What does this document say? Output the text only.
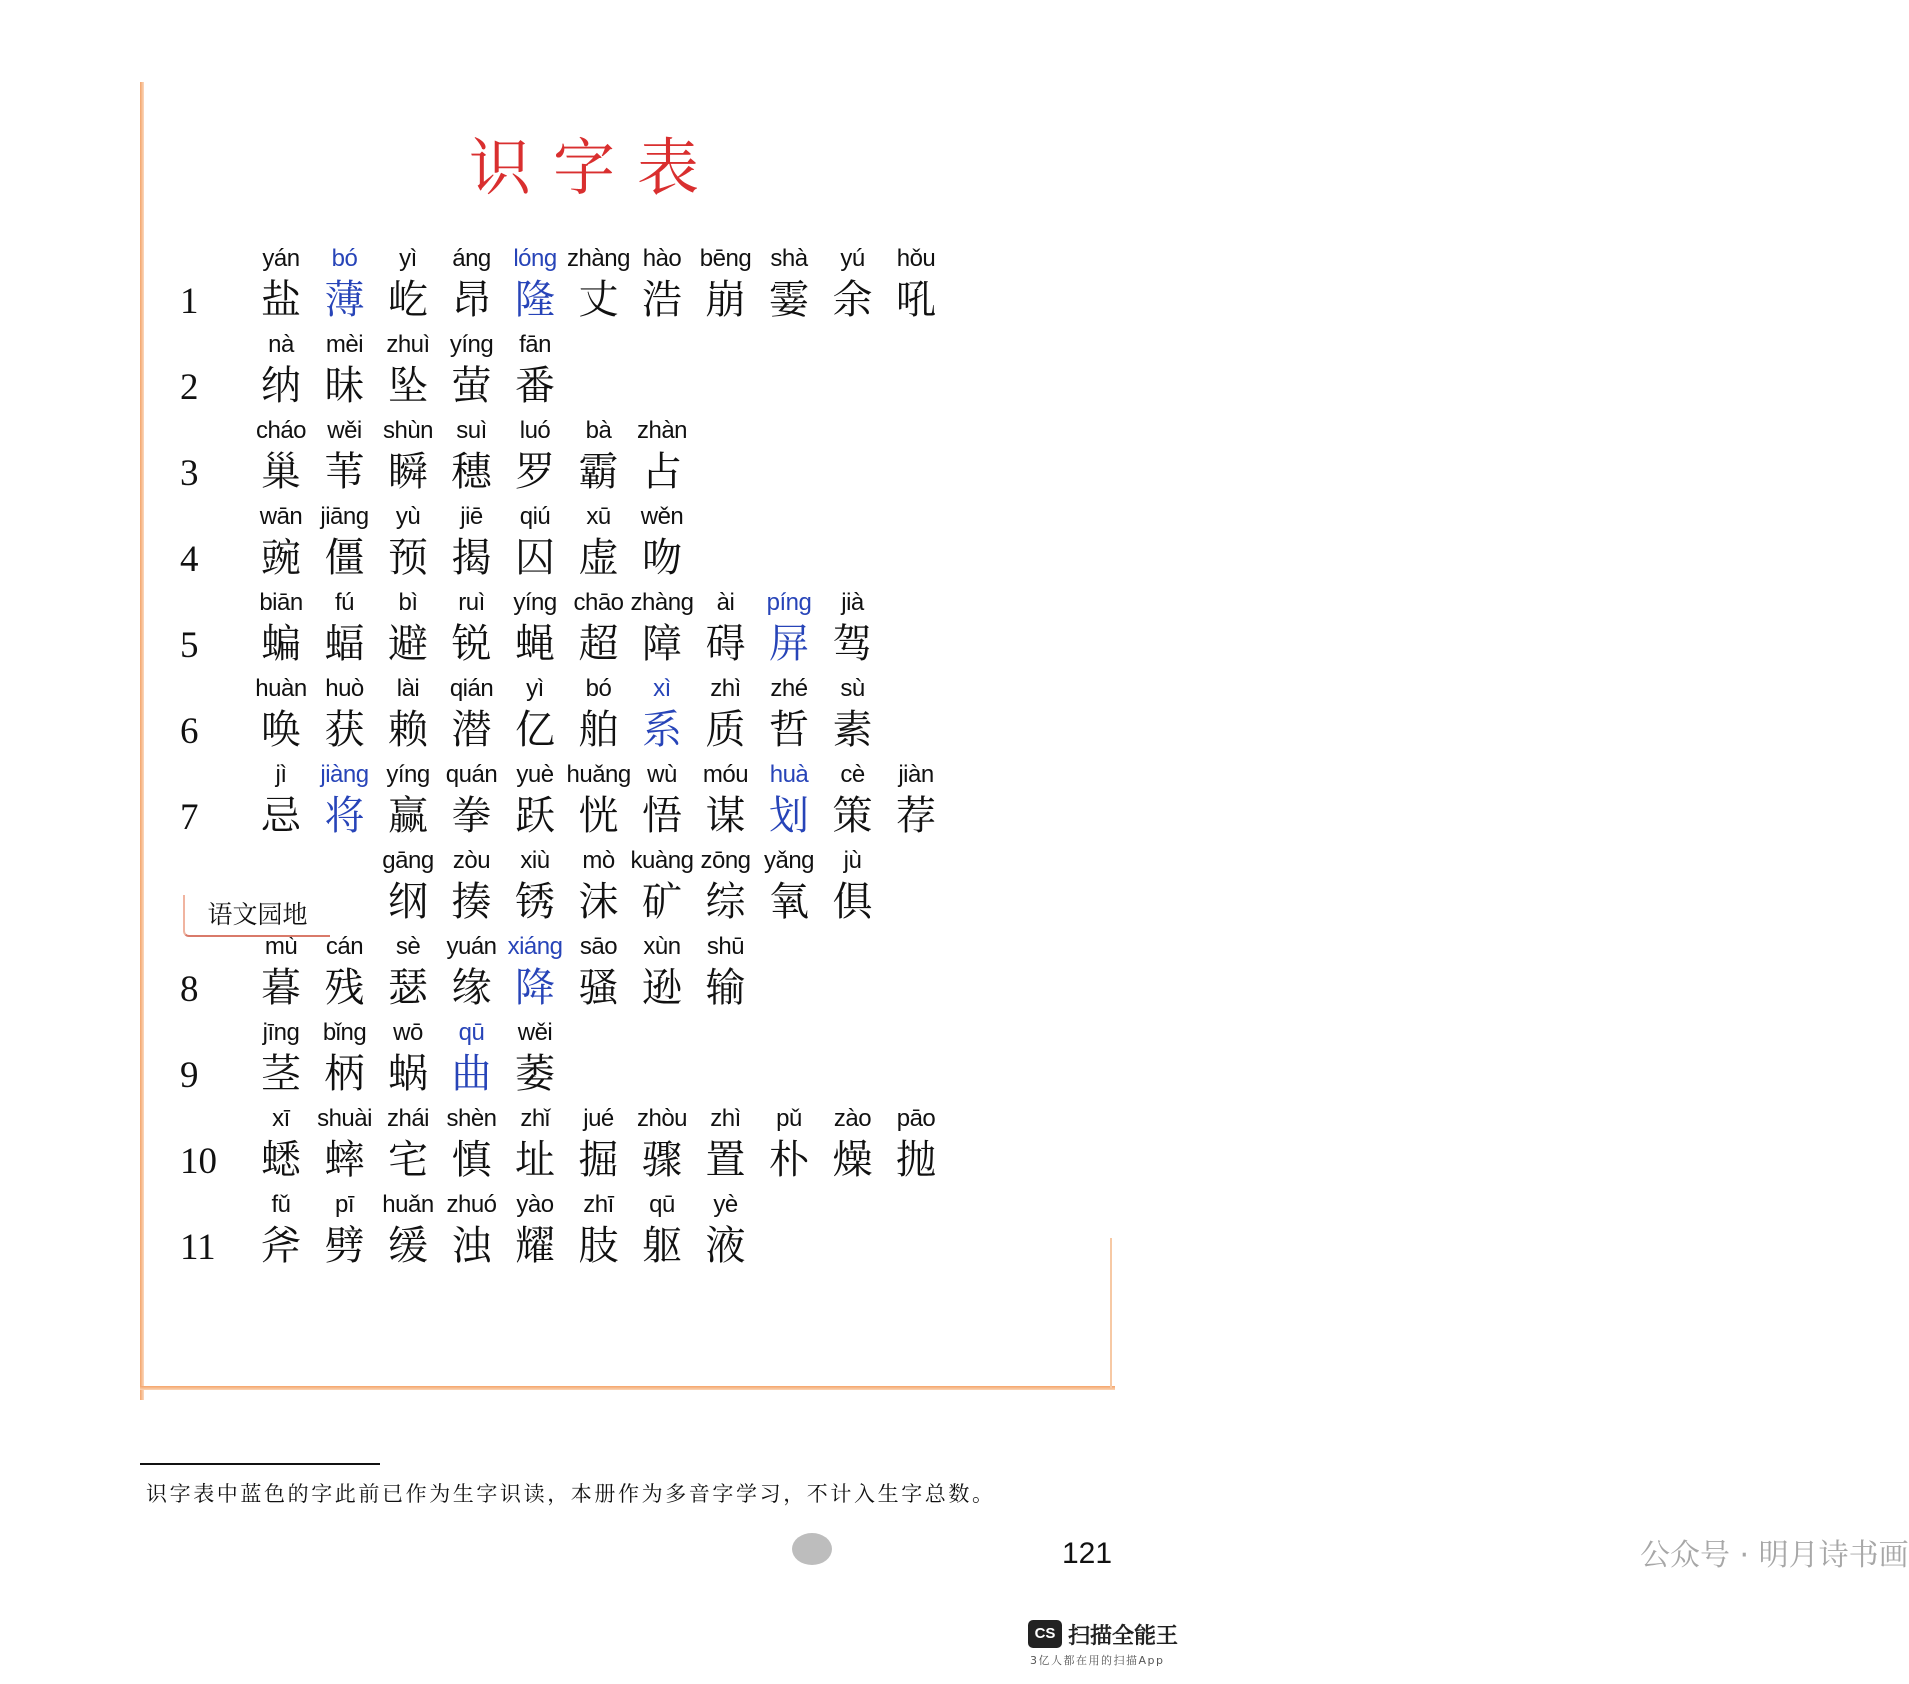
识字表
1
yán
盐
bó
薄
yì
屹
áng
昂
lóng
隆
zhàng
丈
hào
浩
bēng
崩
shà
霎
yú
余
hǒu
吼
2
nà
纳
mèi
昧
zhuì
坠
yíng
萤
fān
番
3
cháo
巢
wěi
苇
shùn
瞬
suì
穗
luó
罗
bà
霸
zhàn
占
4
wān
豌
jiāng
僵
yù
预
jiē
揭
qiú
囚
xū
虚
wěn
吻
5
biān
蝙
fú
蝠
bì
避
ruì
锐
yíng
蝇
chāo
超
zhàng
障
ài
碍
píng
屏
jià
驾
6
huàn
唤
huò
获
lài
赖
qián
潜
yì
亿
bó
舶
xì
系
zhì
质
zhé
哲
sù
素
7
jì
忌
jiàng
将
yíng
赢
quán
拳
yuè
跃
huǎng
恍
wù
悟
móu
谋
huà
划
cè
策
jiàn
荐
gāng
纲
zòu
揍
xiù
锈
mò
沫
kuàng
矿
zōng
综
yǎng
氧
jù
俱
8
mù
暮
cán
残
sè
瑟
yuán
缘
xiáng
降
sāo
骚
xùn
逊
shū
输
9
jīng
茎
bǐng
柄
wō
蜗
qū
曲
wěi
萎
10
xī
蟋
shuài
蟀
zhái
宅
shèn
慎
zhǐ
址
jué
掘
zhòu
骤
zhì
置
pǔ
朴
zào
燥
pāo
抛
11
fǔ
斧
pī
劈
huǎn
缓
zhuó
浊
yào
耀
zhī
肢
qū
躯
yè
液
语文园地
识字表中蓝色的字此前已作为生字识读，本册作为多音字学习，不计入生字总数。
公众号 · 明月诗书画
121
CS 扫描全能王
3亿人都在用的扫描App
